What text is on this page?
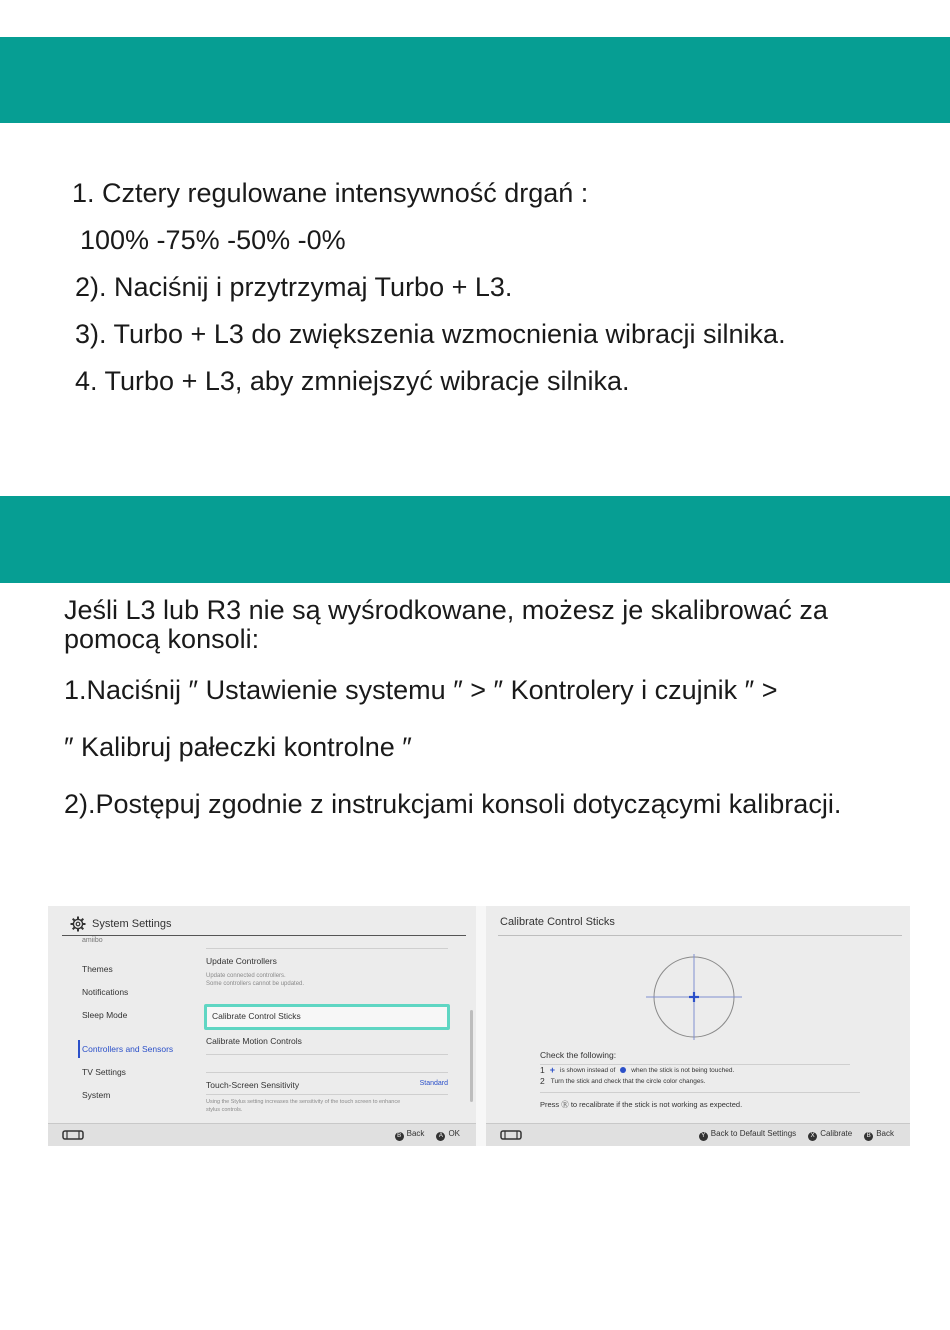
1. Cztery regulowane intensywność drgań :
100% -75% -50% -0%
2). Naciśnij i przytrzymaj Turbo + L3.
3). Turbo + L3 do zwiększenia wzmocnienia wibracji silnika.
4. Turbo + L3, aby zmniejszyć wibracje silnika.
Jeśli L3 lub R3 nie są wyśrodkowane, możesz je skalibrować za
pomocą konsoli:
1.Naciśnij ″ Ustawienie systemu ″ > ″ Kontrolery i czujnik ″ >
″ Kalibruj pałeczki kontrolne ″
2).Postępuj zgodnie z instrukcjami konsoli dotyczącymi kalibracji.
System Settings
amiibo
Themes
Notifications
Sleep Mode
Controllers and Sensors
TV Settings
System
Update Controllers
Update connected controllers.
Some controllers cannot be updated.
Calibrate Control Sticks
Calibrate Motion Controls
Touch-Screen Sensitivity	Standard
Using the Stylus setting increases the sensitivity of the touch screen to enhance
stylus controls.
B Back	A OK
Calibrate Control Sticks
Check the following:
1 + is shown instead of when the stick is not being touched.
2 Turn the stick and check that the circle color changes.
Press Ⓡ to recalibrate if the stick is not working as expected.
Y Back to Default Settings	X Calibrate	B Back
